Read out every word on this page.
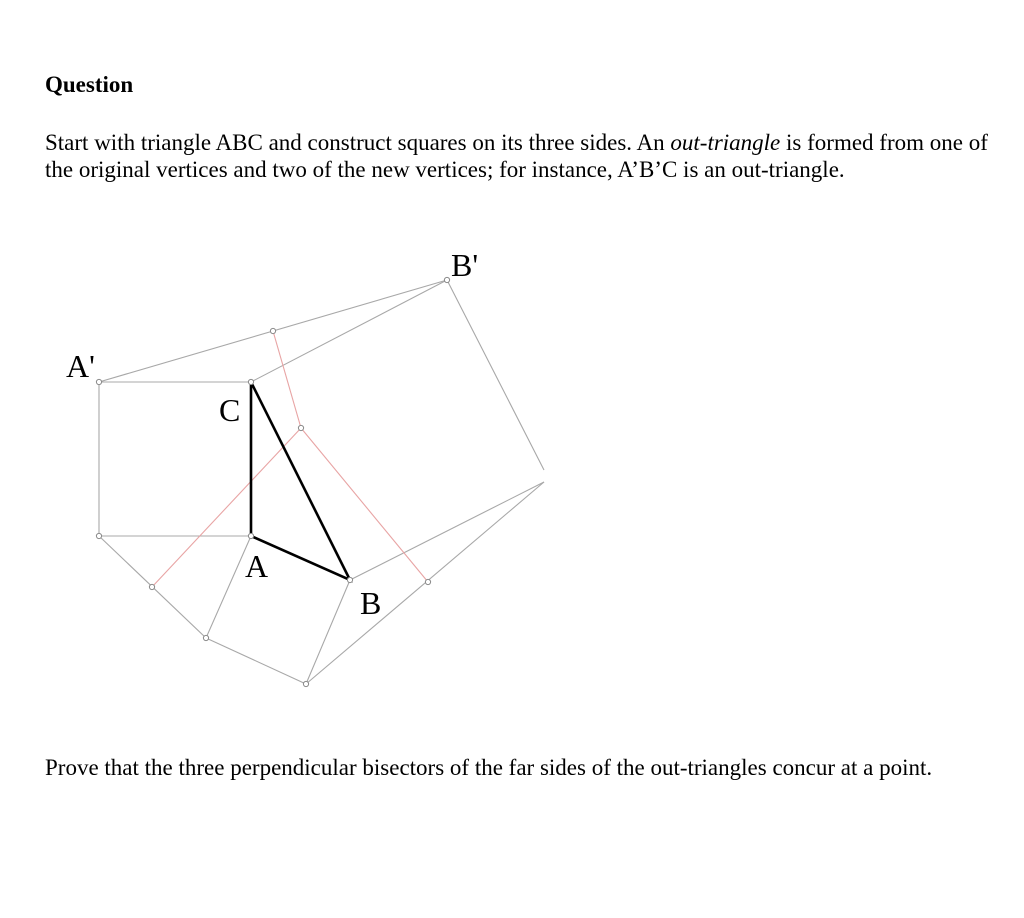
Question

Start with triangle ABC and construct squares on its three sides. An out-triangle is formed from one of the original vertices and two of the new vertices; for instance, A’B’C is an out-triangle.

A'
B'
C
A
B

Prove that the three perpendicular bisectors of the far sides of the out-triangles concur at a point.
